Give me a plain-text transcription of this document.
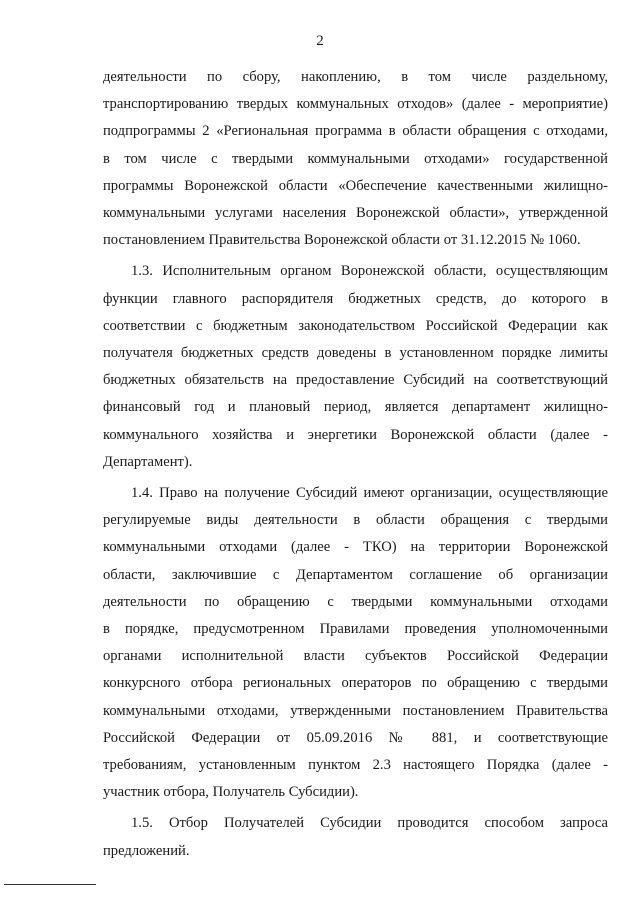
2
деятельности по сбору, накоплению, в том числе раздельному,
транспортированию твердых коммунальных отходов» (далее - мероприятие)
подпрограммы 2 «Региональная программа в области обращения с отходами,
в том числе с твердыми коммунальными отходами» государственной
программы Воронежской области «Обеспечение качественными жилищно-
коммунальными услугами населения Воронежской области», утвержденной
постановлением Правительства Воронежской области от 31.12.2015 № 1060.
1.3. Исполнительным органом Воронежской области, осуществляющим
функции главного распорядителя бюджетных средств, до которого в
соответствии с бюджетным законодательством Российской Федерации как
получателя бюджетных средств доведены в установленном порядке лимиты
бюджетных обязательств на предоставление Субсидий на соответствующий
финансовый год и плановый период, является департамент жилищно-
коммунального хозяйства и энергетики Воронежской области (далее -
Департамент).
1.4. Право на получение Субсидий имеют организации, осуществляющие
регулируемые виды деятельности в области обращения с твердыми
коммунальными отходами (далее - ТКО) на территории Воронежской
области, заключившие с Департаментом соглашение об организации
деятельности по обращению с твердыми коммунальными отходами
в порядке, предусмотренном Правилами проведения уполномоченными
органами исполнительной власти субъектов Российской Федерации
конкурсного отбора региональных операторов по обращению с твердыми
коммунальными отходами, утвержденными постановлением Правительства
Российской Федерации от 05.09.2016 № 881, и соответствующие
требованиям, установленным пунктом 2.3 настоящего Порядка (далее -
участник отбора, Получатель Субсидии).
1.5. Отбор Получателей Субсидии проводится способом запроса
предложений.
